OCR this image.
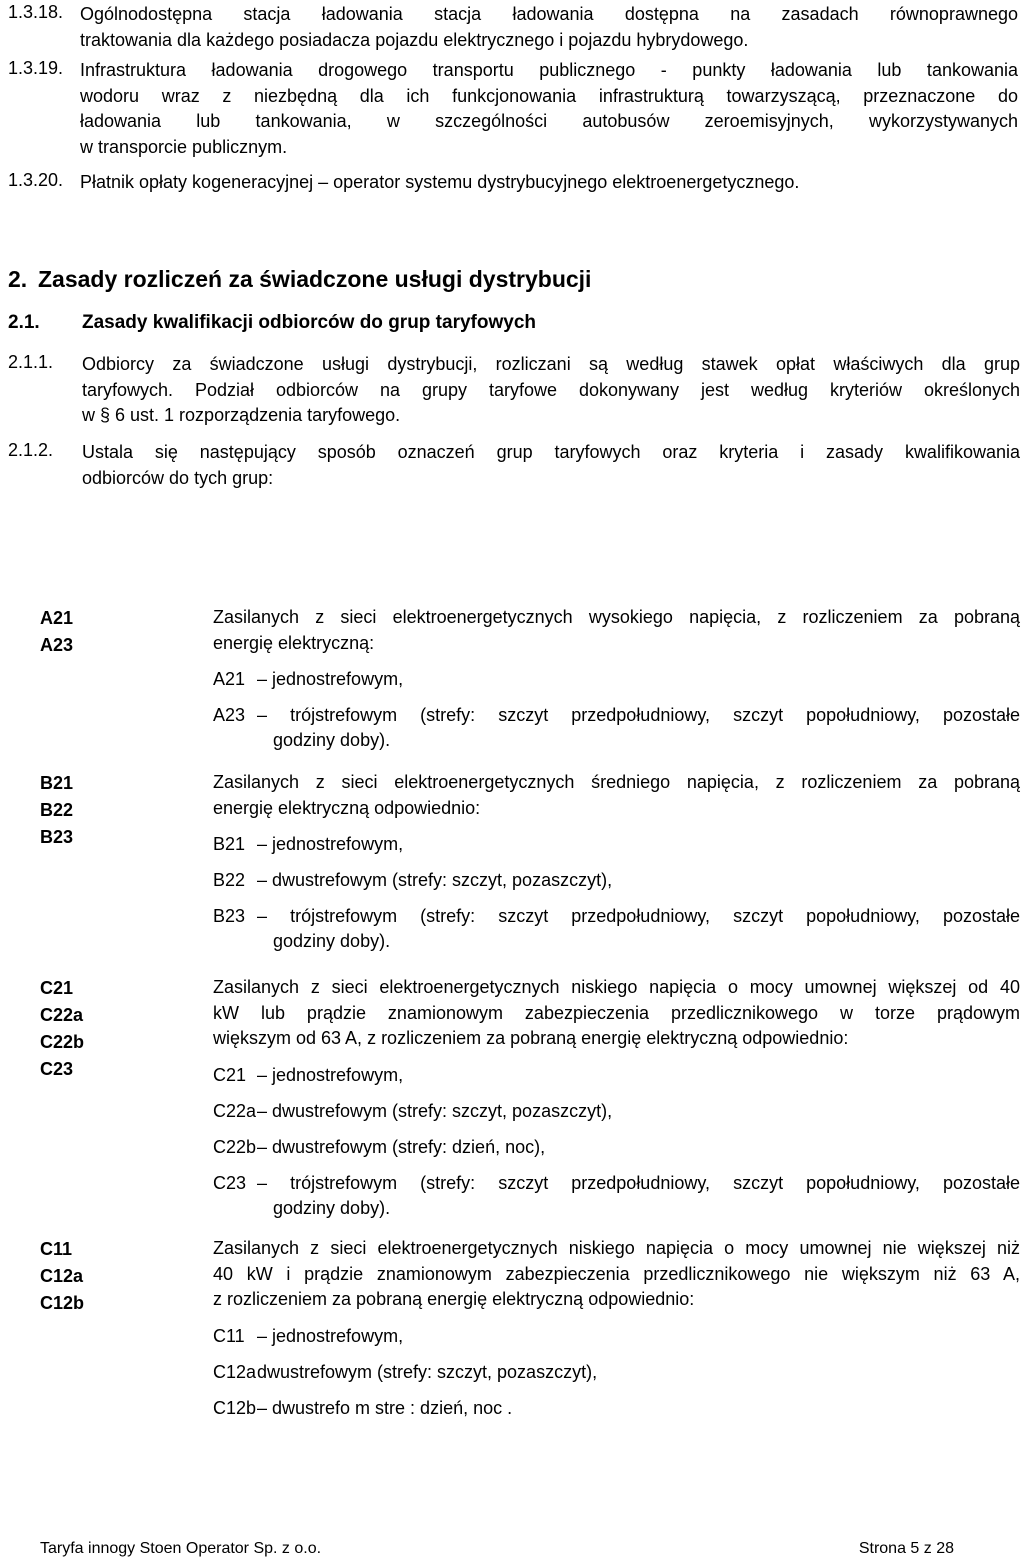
1.3.18. Ogólnodostępna stacja ładowania stacja ładowania dostępna na zasadach równoprawnego
traktowania dla każdego posiadacza pojazdu elektrycznego i pojazdu hybrydowego.
1.3.19. Infrastruktura ładowania drogowego transportu publicznego - punkty ładowania lub tankowania
wodoru wraz z niezbędną dla ich funkcjonowania infrastrukturą towarzyszącą, przeznaczone do
ładowania lub tankowania, w szczególności autobusów zeroemisyjnych, wykorzystywanych
w transporcie publicznym.
1.3.20. Płatnik opłaty kogeneracyjnej – operator systemu dystrybucyjnego elektroenergetycznego.
2. Zasady rozliczeń za świadczone usługi dystrybucji
2.1. Zasady kwalifikacji odbiorców do grup taryfowych
2.1.1. Odbiorcy za świadczone usługi dystrybucji, rozliczani są według stawek opłat właściwych dla grup
taryfowych. Podział odbiorców na grupy taryfowe dokonywany jest według kryteriów określonych
w § 6 ust. 1 rozporządzenia taryfowego.
2.1.2. Ustala się następujący sposób oznaczeń grup taryfowych oraz kryteria i zasady kwalifikowania
odbiorców do tych grup:
A21
A23
Zasilanych z sieci elektroenergetycznych wysokiego napięcia, z rozliczeniem za pobraną
energię elektryczną:
A21 – jednostrefowym,
A23 – trójstrefowym (strefy: szczyt przedpołudniowy, szczyt popołudniowy, pozostałe
godziny doby).
B21
B22
B23
Zasilanych z sieci elektroenergetycznych średniego napięcia, z rozliczeniem za pobraną
energię elektryczną odpowiednio:
B21 – jednostrefowym,
B22 – dwustrefowym (strefy: szczyt, pozaszczyt),
B23 – trójstrefowym (strefy: szczyt przedpołudniowy, szczyt popołudniowy, pozostałe
godziny doby).
C21
C22a
C22b
C23
Zasilanych z sieci elektroenergetycznych niskiego napięcia o mocy umownej większej od 40
kW lub prądzie znamionowym zabezpieczenia przedlicznikowego w torze prądowym
większym od 63 A, z rozliczeniem za pobraną energię elektryczną odpowiednio:
C21 – jednostrefowym,
C22a– dwustrefowym (strefy: szczyt, pozaszczyt),
C22b– dwustrefowym (strefy: dzień, noc),
C23 – trójstrefowym (strefy: szczyt przedpołudniowy, szczyt popołudniowy, pozostałe
godziny doby).
C11
C12a
C12b
Zasilanych z sieci elektroenergetycznych niskiego napięcia o mocy umownej nie większej niż
40 kW i prądzie znamionowym zabezpieczenia przedlicznikowego nie większym niż 63 A,
z rozliczeniem za pobraną energię elektryczną odpowiednio:
C11 – jednostrefowym,
C12adwustrefowym (strefy: szczyt, pozaszczyt),
C12b– dwustrefo m stre : dzień, noc .
Taryfa innogy Stoen Operator Sp. z o.o.	Strona 5 z 28
